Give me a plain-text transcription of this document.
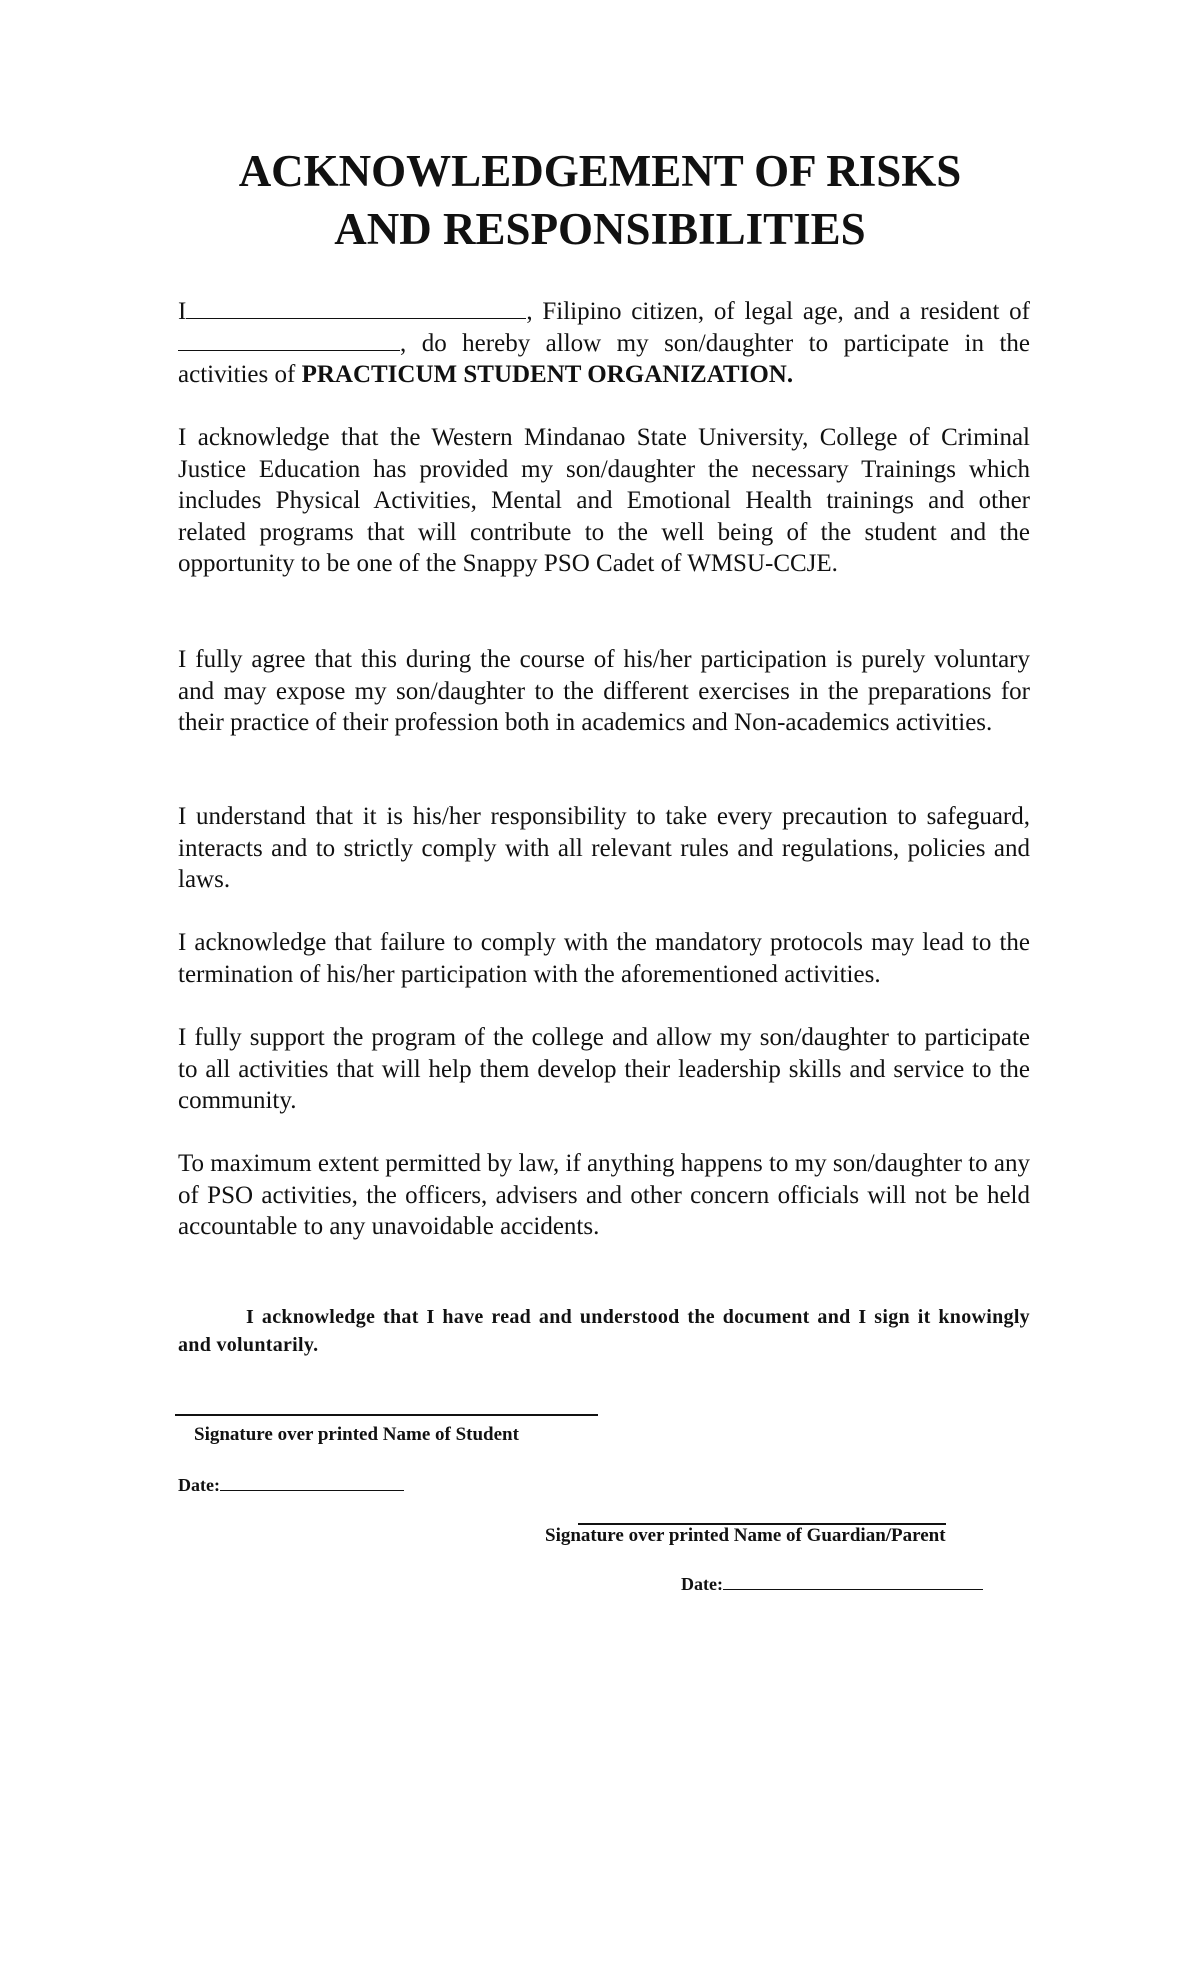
ACKNOWLEDGEMENT OF RISKS
AND RESPONSIBILITIES

I	, Filipino citizen, of legal age, and a resident of , do hereby allow my son/daughter to participate in the activities of PRACTICUM STUDENT ORGANIZATION.

I acknowledge that the Western Mindanao State University, College of Criminal Justice Education has provided my son/daughter the necessary Trainings which includes Physical Activities, Mental and Emotional Health trainings and other related programs that will contribute to the well being of the student and the opportunity to be one of the Snappy PSO Cadet of WMSU-CCJE.

I fully agree that this during the course of his/her participation is purely voluntary and may expose my son/daughter to the different exercises in the preparations for their practice of their profession both in academics and Non-academics activities.

I understand that it is his/her responsibility to take every precaution to safeguard, interacts and to strictly comply with all relevant rules and regulations, policies and laws.

I acknowledge that failure to comply with the mandatory protocols may lead to the termination of his/her participation with the aforementioned activities.

I fully support the program of the college and allow my son/daughter to participate to all activities that will help them develop their leadership skills and service to the community.

To maximum extent permitted by law, if anything happens to my son/daughter to any of PSO activities, the officers, advisers and other concern officials will not be held accountable to any unavoidable accidents.

I acknowledge that I have read and understood the document and I sign it knowingly and voluntarily.

Signature over printed Name of Student
Date:
Signature over printed Name of Guardian/Parent
Date:
